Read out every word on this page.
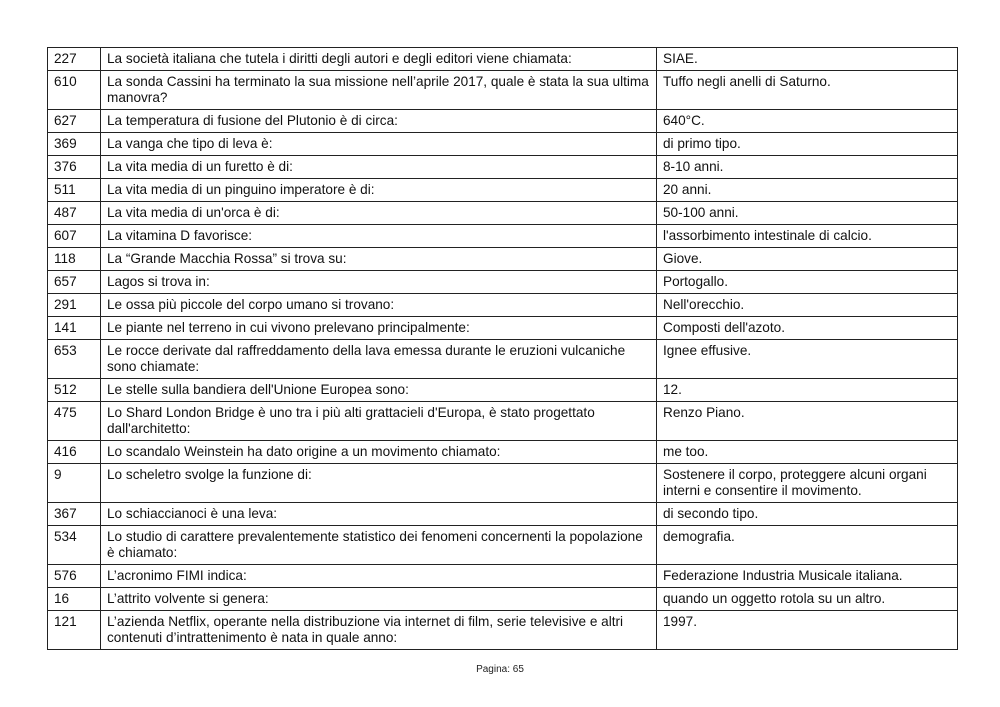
227	La società italiana che tutela i diritti degli autori e degli editori viene chiamata:	SIAE.
610	La sonda Cassini ha terminato la sua missione nell’aprile 2017, quale è stata la sua ultima manovra?	Tuffo negli anelli di Saturno.
627	La temperatura di fusione del Plutonio è di circa:	640°C.
369	La vanga che tipo di leva è:	di primo tipo.
376	La vita media di un furetto è di:	8-10 anni.
511	La vita media di un pinguino imperatore è di:	20 anni.
487	La vita media di un'orca è di:	50-100 anni.
607	La vitamina D favorisce:	l'assorbimento intestinale di calcio.
118	La “Grande Macchia Rossa” si trova su:	Giove.
657	Lagos si trova in:	Portogallo.
291	Le ossa più piccole del corpo umano si trovano:	Nell'orecchio.
141	Le piante nel terreno in cui vivono prelevano principalmente:	Composti dell'azoto.
653	Le rocce derivate dal raffreddamento della lava emessa durante le eruzioni vulcaniche sono chiamate:	Ignee effusive.
512	Le stelle sulla bandiera dell'Unione Europea sono:	12.
475	Lo Shard London Bridge è uno tra i più alti grattacieli d'Europa, è stato progettato dall'architetto:	Renzo Piano.
416	Lo scandalo Weinstein ha dato origine a un movimento chiamato:	me too.
9	Lo scheletro svolge la funzione di:	Sostenere il corpo, proteggere alcuni organi interni e consentire il movimento.
367	Lo schiaccianoci è una leva:	di secondo tipo.
534	Lo studio di carattere prevalentemente statistico dei fenomeni concernenti la popolazione è chiamato:	demografia.
576	L’acronimo FIMI indica:	Federazione Industria Musicale italiana.
16	L’attrito volvente si genera:	quando un oggetto rotola su un altro.
121	L’azienda Netflix, operante nella distribuzione via internet di film, serie televisive e altri contenuti d’intrattenimento è nata in quale anno:	1997.
Pagina: 65
